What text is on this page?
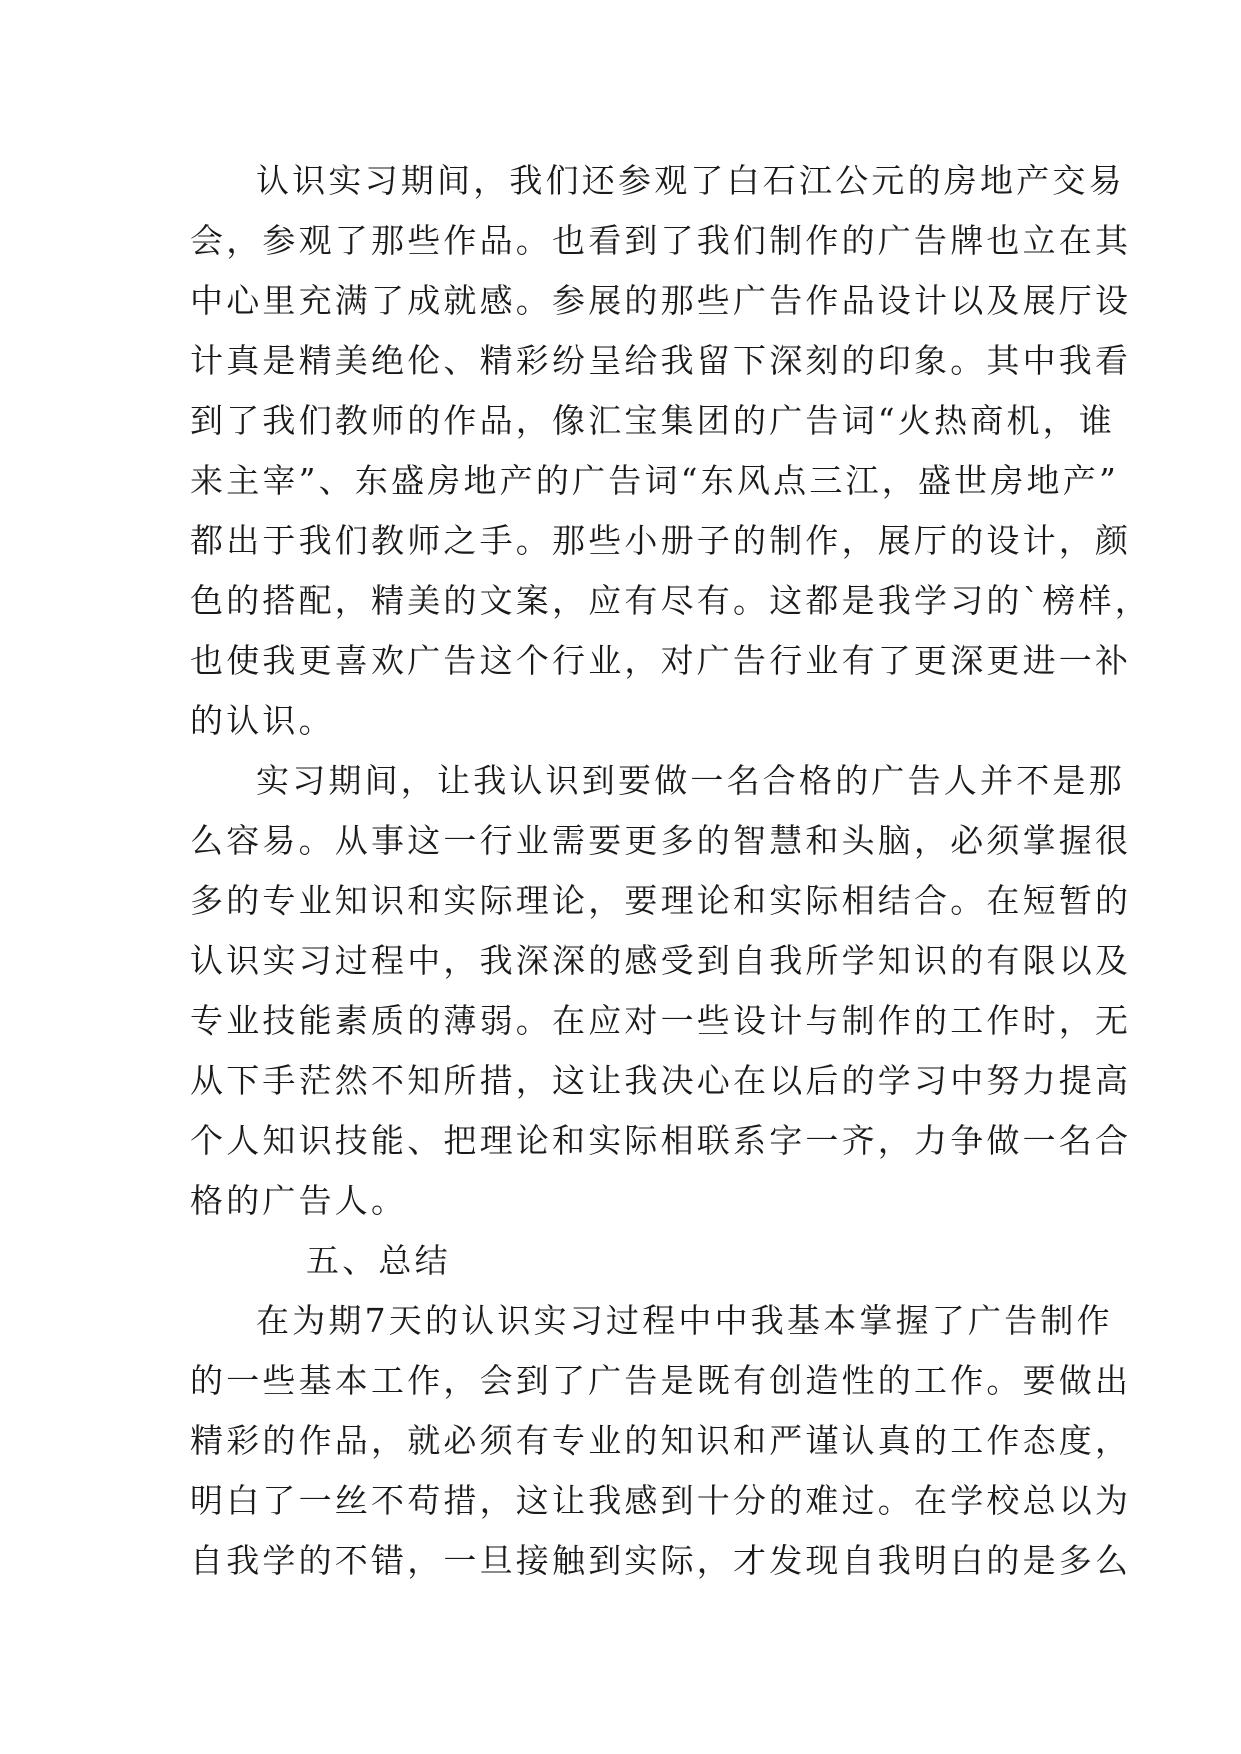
认识实习期间，我们还参观了白石江公元的房地产交易
会，参观了那些作品。也看到了我们制作的广告牌也立在其
中心里充满了成就感。参展的那些广告作品设计以及展厅设
计真是精美绝伦、精彩纷呈给我留下深刻的印象。其中我看
到了我们教师的作品，像汇宝集团的广告词“火热商机，谁
来主宰”、东盛房地产的广告词“东风点三江，盛世房地产”
都出于我们教师之手。那些小册子的制作，展厅的设计，颜
色的搭配，精美的文案，应有尽有。这都是我学习的`榜样，
也使我更喜欢广告这个行业，对广告行业有了更深更进一补
的认识。
实习期间，让我认识到要做一名合格的广告人并不是那
么容易。从事这一行业需要更多的智慧和头脑，必须掌握很
多的专业知识和实际理论，要理论和实际相结合。在短暂的
认识实习过程中，我深深的感受到自我所学知识的有限以及
专业技能素质的薄弱。在应对一些设计与制作的工作时，无
从下手茫然不知所措，这让我决心在以后的学习中努力提高
个人知识技能、把理论和实际相联系字一齐，力争做一名合
格的广告人。
五、总结
在为期7天的认识实习过程中中我基本掌握了广告制作
的一些基本工作，会到了广告是既有创造性的工作。要做出
精彩的作品，就必须有专业的知识和严谨认真的工作态度，
明白了一丝不苟措，这让我感到十分的难过。在学校总以为
自我学的不错，一旦接触到实际，才发现自我明白的是多么
